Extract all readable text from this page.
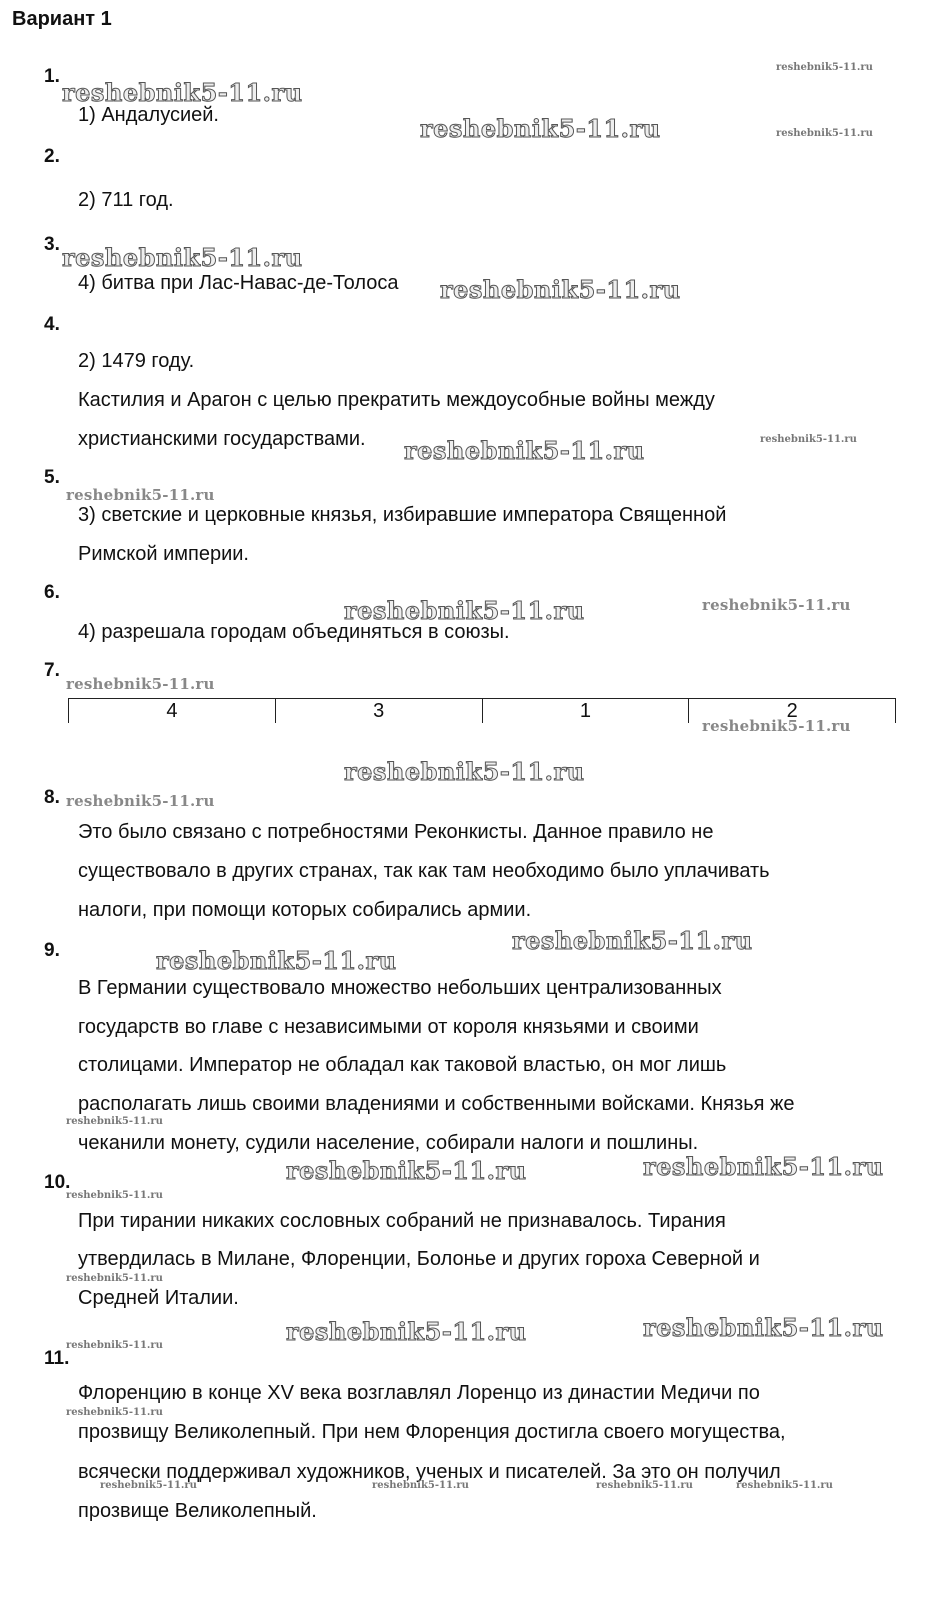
Вариант 1
1.
1) Андалусией.
2.
2) 711 год.
3.
4) битва при Лас-Навас-де-Толоса
4.
2) 1479 году.
Кастилия и Арагон с целью прекратить междоусобные войны между
христианскими государствами.
5.
3) светские и церковные князья, избиравшие императора Священной
Римской империи.
6.
4) разрешала городам объединяться в союзы.
7.
4	3	1	2
8.
Это было связано с потребностями Реконкисты. Данное правило не
существовало в других странах, так как там необходимо было уплачивать
налоги, при помощи которых собирались армии.
9.
В Германии существовало множество небольших централизованных
государств во главе с независимыми от короля князьями и своими
столицами. Император не обладал как таковой властью, он мог лишь
располагать лишь своими владениями и собственными войсками. Князья же
чеканили монету, судили население, собирали налоги и пошлины.
10.
При тирании никаких сословных собраний не признавалось. Тирания
утвердилась в Милане, Флоренции, Болонье и других гороха Северной и
Средней Италии.
11.
Флоренцию в конце XV века возглавлял Лоренцо из династии Медичи по
прозвищу Великолепный. При нем Флоренция достигла своего могущества,
всячески поддерживал художников, ученых и писателей. За это он получил
прозвище Великолепный.
reshebnik5-11.ru
reshebnik5-11.ru
reshebnik5-11.ru	reshebnik5-11.ru
reshebnik5-11.ru
reshebnik5-11.ru
reshebnik5-11.ru	reshebnik5-11.ru
reshebnik5-11.ru
reshebnik5-11.ru	reshebnik5-11.ru
reshebnik5-11.ru
reshebnik5-11.ru
reshebnik5-11.ru
reshebnik5-11.ru
reshebnik5-11.ru
reshebnik5-11.ru
reshebnik5-11.ru
reshebnik5-11.ru	reshebnik5-11.ru
reshebnik5-11.ru
reshebnik5-11.ru
reshebnik5-11.ru	reshebnik5-11.ru
reshebnik5-11.ru
reshebnik5-11.ru
reshebnik5-11.ru	reshebnik5-11.ru	reshebnik5-11.ru	reshebnik5-11.ru
